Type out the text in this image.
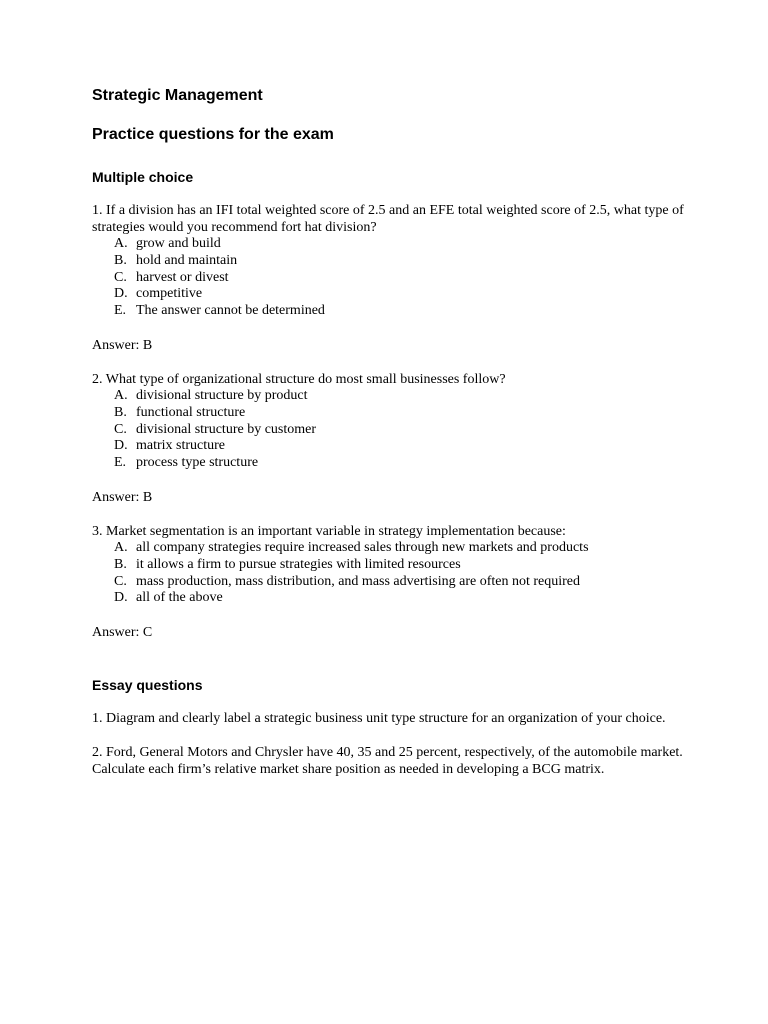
Strategic Management
Practice questions for the exam
Multiple choice

1. If a division has an IFI total weighted score of 2.5 and an EFE total weighted score of 2.5, what type of strategies would you recommend fort hat division?

A. grow and build
B. hold and maintain
C. harvest or divest
D. competitive
E. The answer cannot be determined

Answer: B

2. What type of organizational structure do most small businesses follow?

A. divisional structure by product
B. functional structure
C. divisional structure by customer
D. matrix structure
E. process type structure

Answer: B

3. Market segmentation is an important variable in strategy implementation because:

A. all company strategies require increased sales through new markets and products
B. it allows a firm to pursue strategies with limited resources
C. mass production, mass distribution, and mass advertising are often not required
D. all of the above

Answer: C

Essay questions

1. Diagram and clearly label a strategic business unit type structure for an organization of your choice.

2. Ford, General Motors and Chrysler have 40, 35 and 25 percent, respectively, of the automobile market. Calculate each firm’s relative market share position as needed in developing a BCG matrix.
